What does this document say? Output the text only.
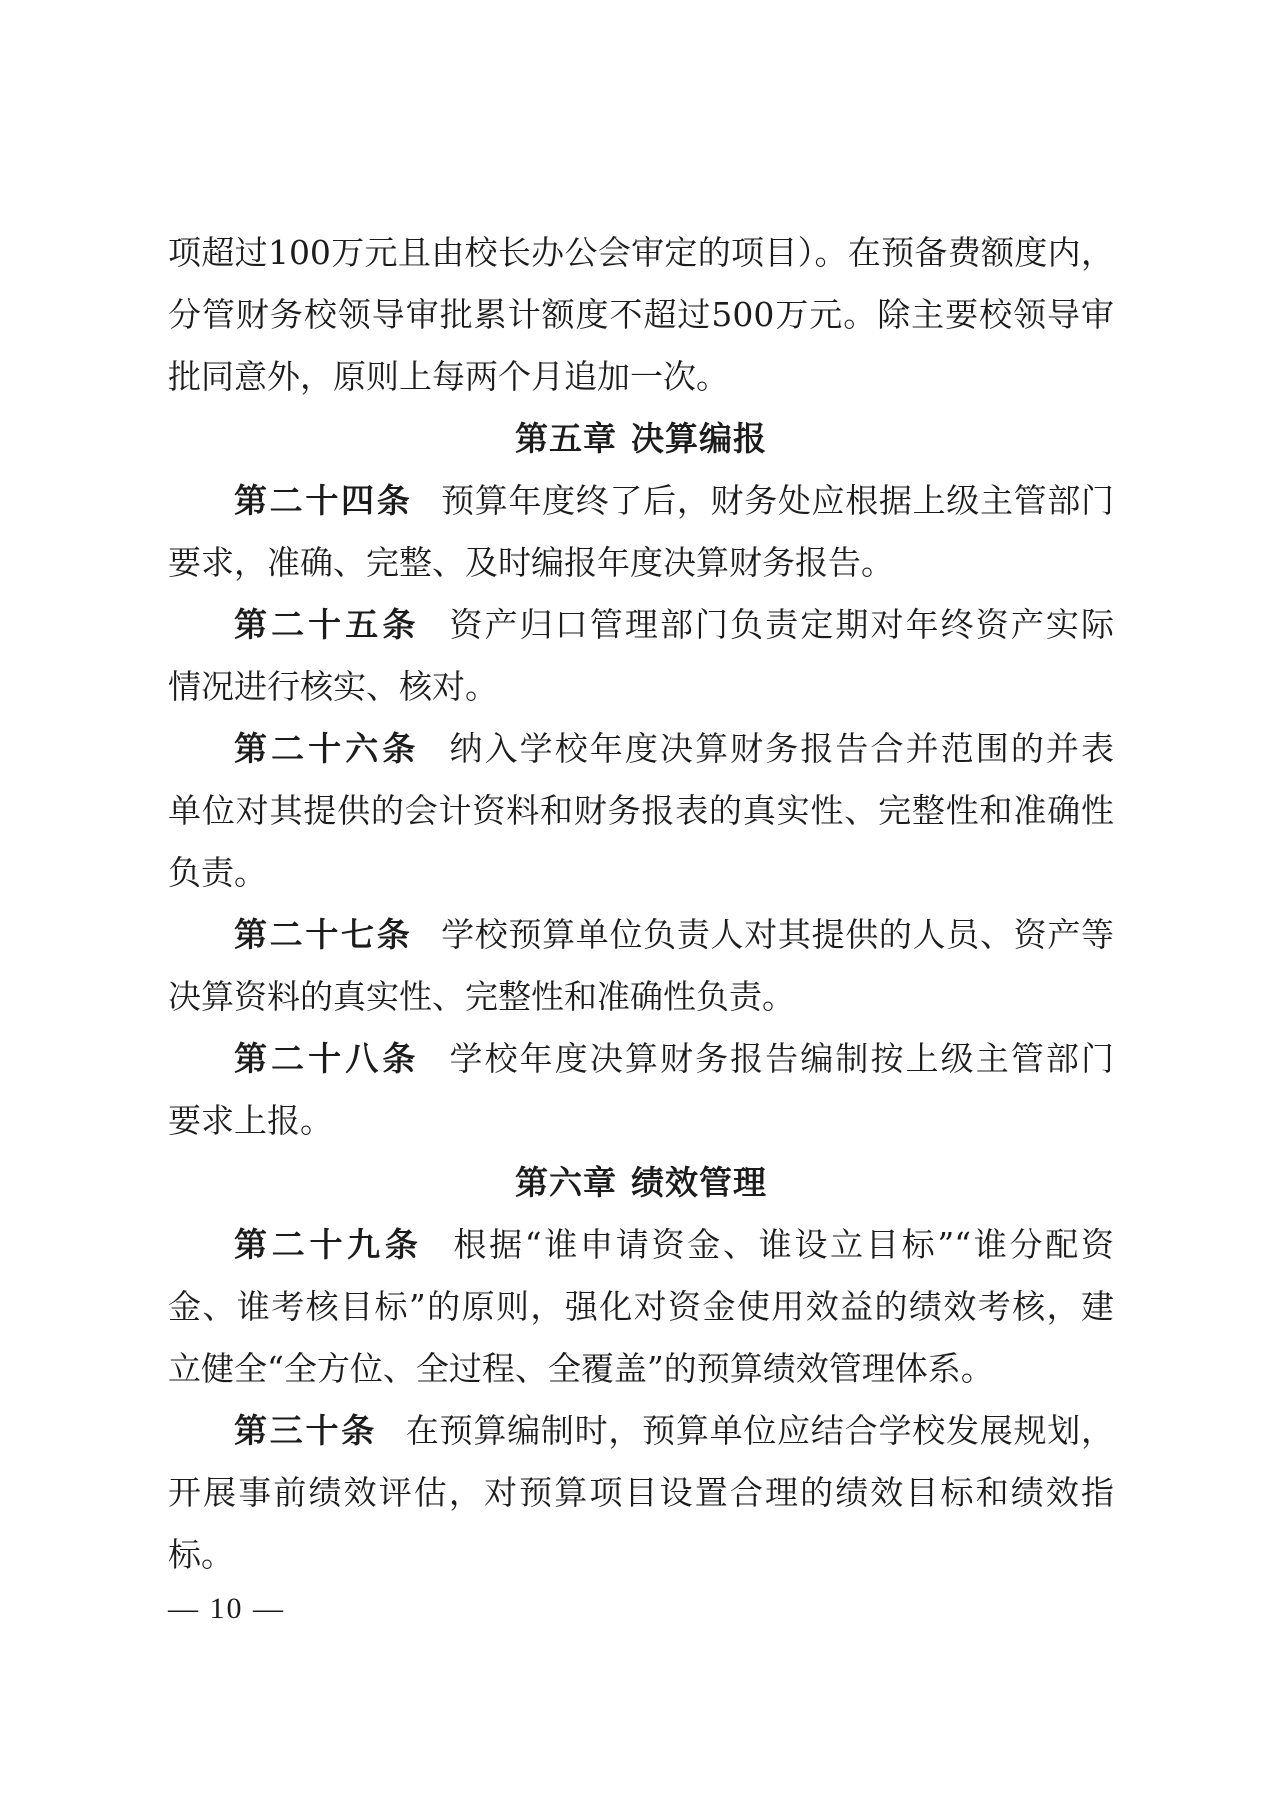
项超过100万元且由校长办公会审定的项目）。在预备费额度内，
分管财务校领导审批累计额度不超过500万元。除主要校领导审
批同意外，原则上每两个月追加一次。
第五章 决算编报
第二十四条 预算年度终了后，财务处应根据上级主管部门
要求，准确、完整、及时编报年度决算财务报告。
第二十五条 资产归口管理部门负责定期对年终资产实际
情况进行核实、核对。
第二十六条 纳入学校年度决算财务报告合并范围的并表
单位对其提供的会计资料和财务报表的真实性、完整性和准确性
负责。
第二十七条 学校预算单位负责人对其提供的人员、资产等
决算资料的真实性、完整性和准确性负责。
第二十八条 学校年度决算财务报告编制按上级主管部门
要求上报。
第六章 绩效管理
第二十九条 根据“谁申请资金、谁设立目标”“谁分配资
金、谁考核目标”的原则，强化对资金使用效益的绩效考核，建
立健全“全方位、全过程、全覆盖”的预算绩效管理体系。
第三十条 在预算编制时，预算单位应结合学校发展规划，
开展事前绩效评估，对预算项目设置合理的绩效目标和绩效指
标。
— 10 —
